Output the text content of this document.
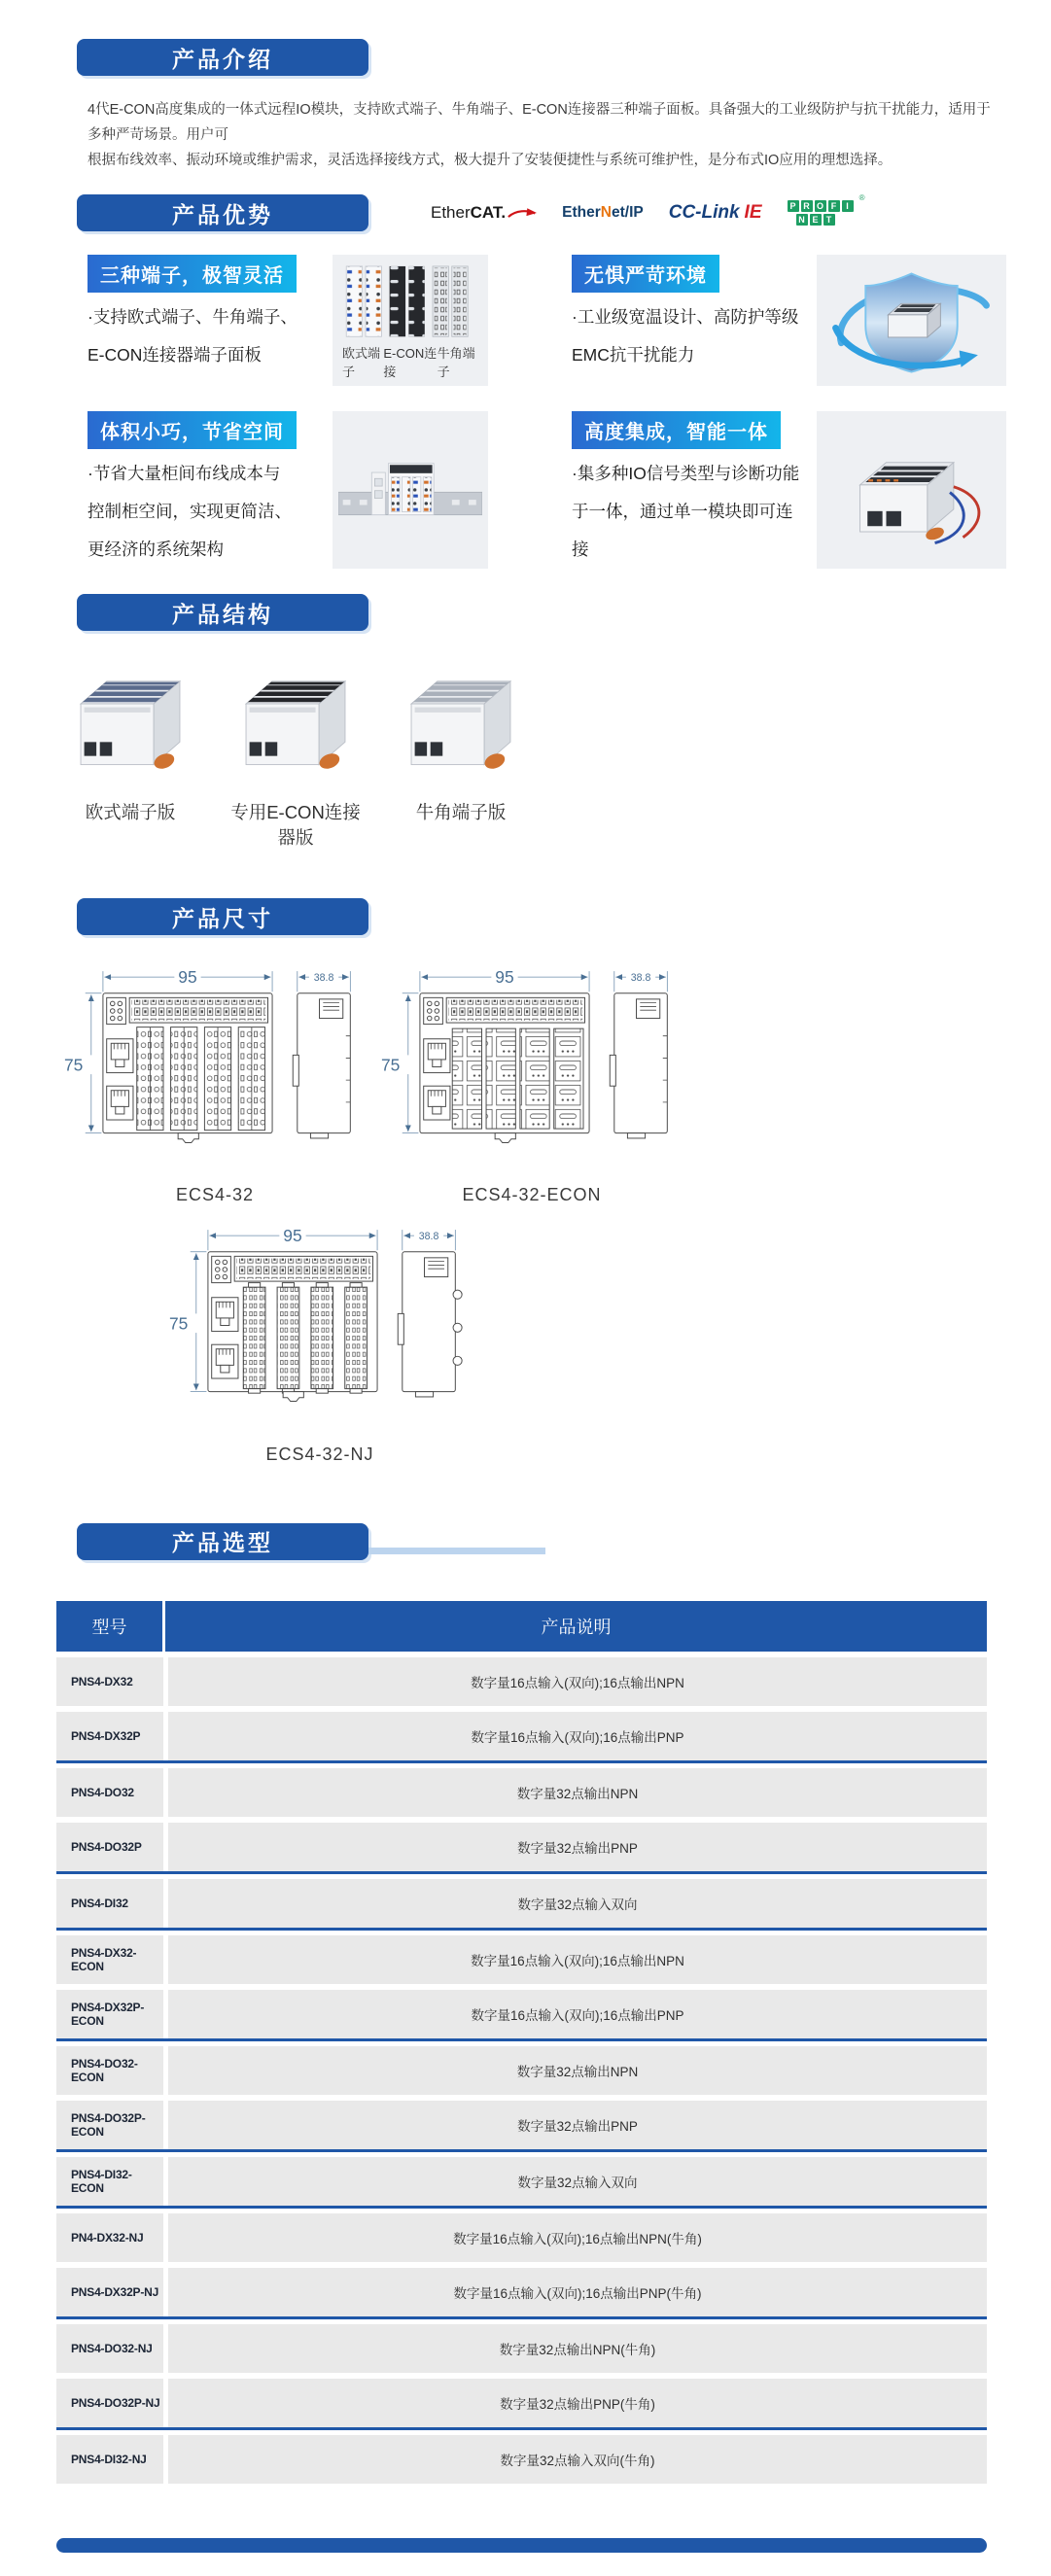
产品介绍
4代E-CON高度集成的一体式远程IO模块，支持欧式端子、牛角端子、E-CON连接器三种端子面板。具备强大的工业级防护与抗干扰能力，适用于多种严苛场景。用户可
根据布线效率、振动环境或维护需求，灵活选择接线方式，极大提升了安装便捷性与系统可维护性，是分布式IO应用的理想选择。
产品优势	Ether CAT.	Ether N et/IP CC-Link IE
®
P R O F	I
N E T
三种端子，极智灵活
·支持欧式端子、牛角端子、
E-CON连接器端子面板	欧式端子
E-CON连接
牛角端子
无惧严苛环境
·工业级宽温设计、高防护等级
EMC抗干扰能力
体积小巧，节省空间
·节省大量柜间布线成本与
控制柜空间，实现更简洁、
更经济的系统架构
高度集成，智能一体
·集多种IO信号类型与诊断功能
于一体，通过单一模块即可连接
产品结构
欧式端子版	专用E-CON连接器版
牛角端子版
产品尺寸
95
75
38.8
ECS4-32
95
75
38.8
ECS4-32-ECON
95
75
38.8
ECS4-32-NJ
产品选型
型号	产品说明
PNS4-DX32	数字量16点输入(双向);16点输出NPN
PNS4-DX32P	数字量16点输入(双向);16点输出PNP
PNS4-DO32	数字量32点输出NPN
PNS4-DO32P	数字量32点输出PNP
PNS4-DI32	数字量32点输入双向
PNS4-DX32-ECON	数字量16点输入(双向);16点输出NPN
PNS4-DX32P-ECON	数字量16点输入(双向);16点输出PNP
PNS4-DO32-ECON	数字量32点输出NPN
PNS4-DO32P-ECON	数字量32点输出PNP
PNS4-DI32-ECON	数字量32点输入双向
PN4-DX32-NJ	数字量16点输入(双向);16点输出NPN(牛角)
PNS4-DX32P-NJ	数字量16点输入(双向);16点输出PNP(牛角)
PNS4-DO32-NJ	数字量32点输出NPN(牛角)
PNS4-DO32P-NJ	数字量32点输出PNP(牛角)
PNS4-DI32-NJ	数字量32点输入双向(牛角)
